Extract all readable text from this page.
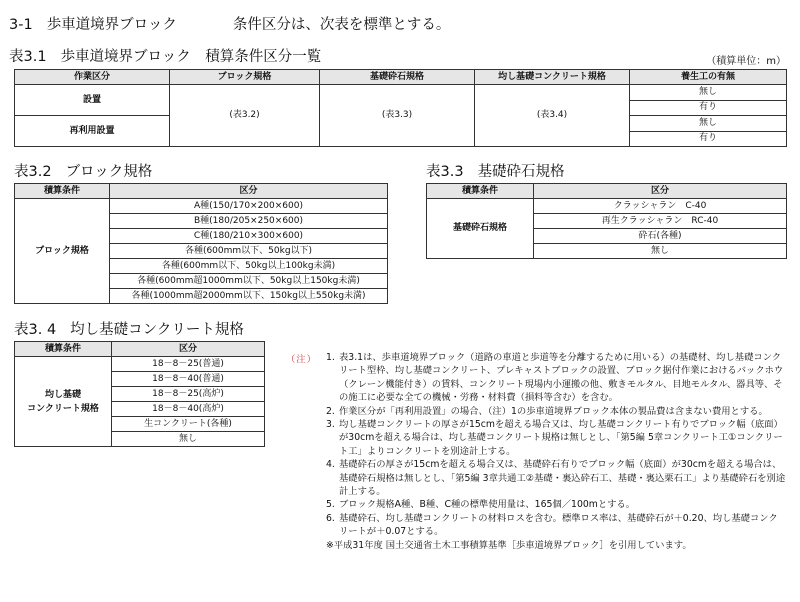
3-1 歩車道境界ブロック	条件区分は、次表を標準とする。
表3.1 歩車道境界ブロック　積算条件区分一覧	（積算単位：m）
作業区分	ブロック規格	基礎砕石規格	均し基礎コンクリート規格	養生工の有無
設置	(表3.2)	(表3.3)	(表3.4)	無し
				有り
再利用設置				無し
				有り
表3.2 ブロック規格
積算条件	区分
ブロック規格	A種(150/170×200×600)
	B種(180/205×250×600)
	C種(180/210×300×600)
	各種(600mm以下、50kg以下)
	各種(600mm以下、50kg以上100kg未満)
	各種(600mm超1000mm以下、50kg以上150kg未満)
	各種(1000mm超2000mm以下、150kg以上550kg未満)
表3.3 基礎砕石規格
積算条件	区分
基礎砕石規格	クラッシャラン　C-40
	再生クラッシャラン　RC-40
	砕石(各種)
	無し
表3. 4 均し基礎コンクリート規格
積算条件	区分

均し基礎
コンクリート規格	18－8－25(普通)
	18－8－40(普通)
	18－8－25(高炉)
	18－8－40(高炉)
	生コンクリート(各種)
	無し
（注） 1. 表3.1は、歩車道境界ブロック（道路の車道と歩道等を分離するために用いる）の基礎材、均し基礎コンクリート型枠、均し基礎コンクリート、プレキャストブロックの設置、ブロック据付作業におけるバックホウ（クレーン機能付き）の賃料、コンクリート現場内小運搬の他、敷きモルタル、目地モルタル、器具等、その施工に必要な全ての機械・労務・材料費（損料等含む）を含む。
2. 作業区分が「再利用設置」の場合、（注）1の歩車道境界ブロック本体の製品費は含まない費用とする。
3. 均し基礎コンクリートの厚さが15cmを超える場合又は、均し基礎コンクリート有りでブロック幅（底面）が30cmを超える場合は、均し基礎コンクリート規格は無しとし、「第5編 5章コンクリート工①コンクリート工」よりコンクリートを別途計上する。
4. 基礎砕石の厚さが15cmを超える場合又は、基礎砕石有りでブロック幅（底面）が30cmを超える場合は、基礎砕石規格は無しとし、「第5編 3章共通工②基礎・裏込砕石工、基礎・裏込栗石工」より基礎砕石を別途計上する。
5. ブロック規格A種、B種、C種の標準使用量は、165個／100mとする。
6. 基礎砕石、均し基礎コンクリートの材料ロスを含む。標準ロス率は、基礎砕石が＋0.20、均し基礎コンクリートが＋0.07とする。
※平成31年度 国土交通省土木工事積算基準［歩車道境界ブロック］を引用しています。
